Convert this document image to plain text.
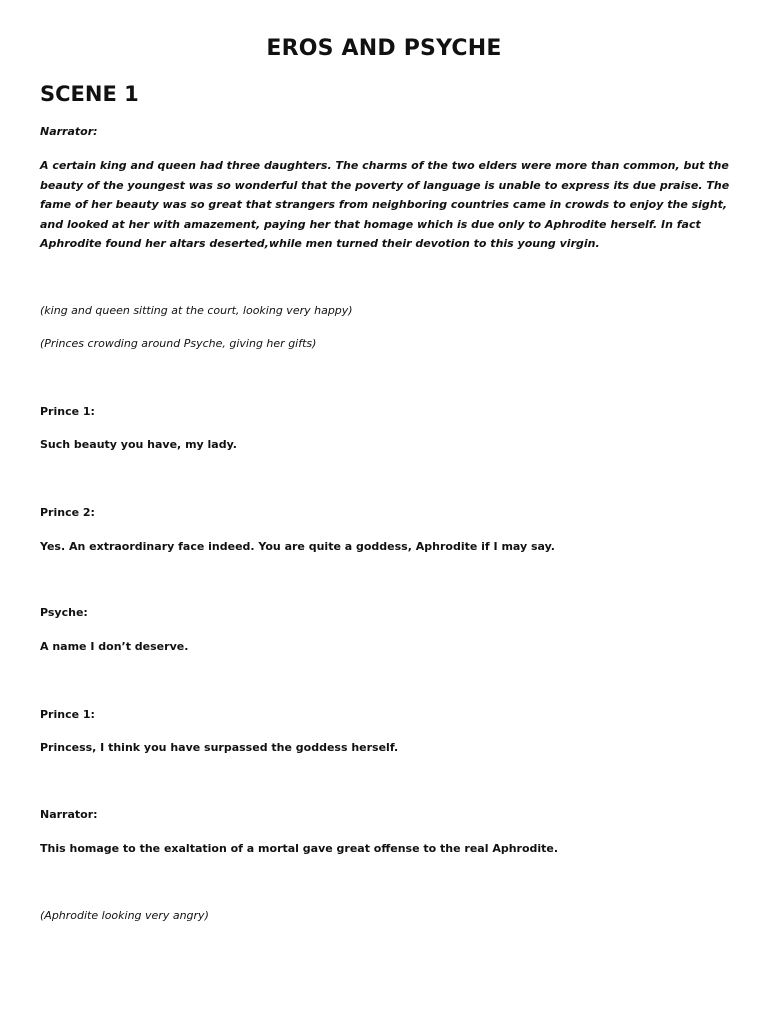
EROS AND PSYCHE
SCENE 1

Narrator:

A certain king and queen had three daughters. The charms of the two elders were more than common, but the beauty of the youngest was so wonderful that the poverty of language is unable to express its due praise. The fame of her beauty was so great that strangers from neighboring countries came in crowds to enjoy the sight, and looked at her with amazement, paying her that homage which is due only to Aphrodite herself. In fact Aphrodite found her altars deserted,while men turned their devotion to this young virgin.

(king and queen sitting at the court, looking very happy)

(Princes crowding around Psyche, giving her gifts)

Prince 1:

Such beauty you have, my lady.

Prince 2:

Yes. An extraordinary face indeed. You are quite a goddess, Aphrodite if I may say.

Psyche:

A name I don’t deserve.

Prince 1:

Princess, I think you have surpassed the goddess herself.

Narrator:

This homage to the exaltation of a mortal gave great offense to the real Aphrodite.

(Aphrodite looking very angry)
